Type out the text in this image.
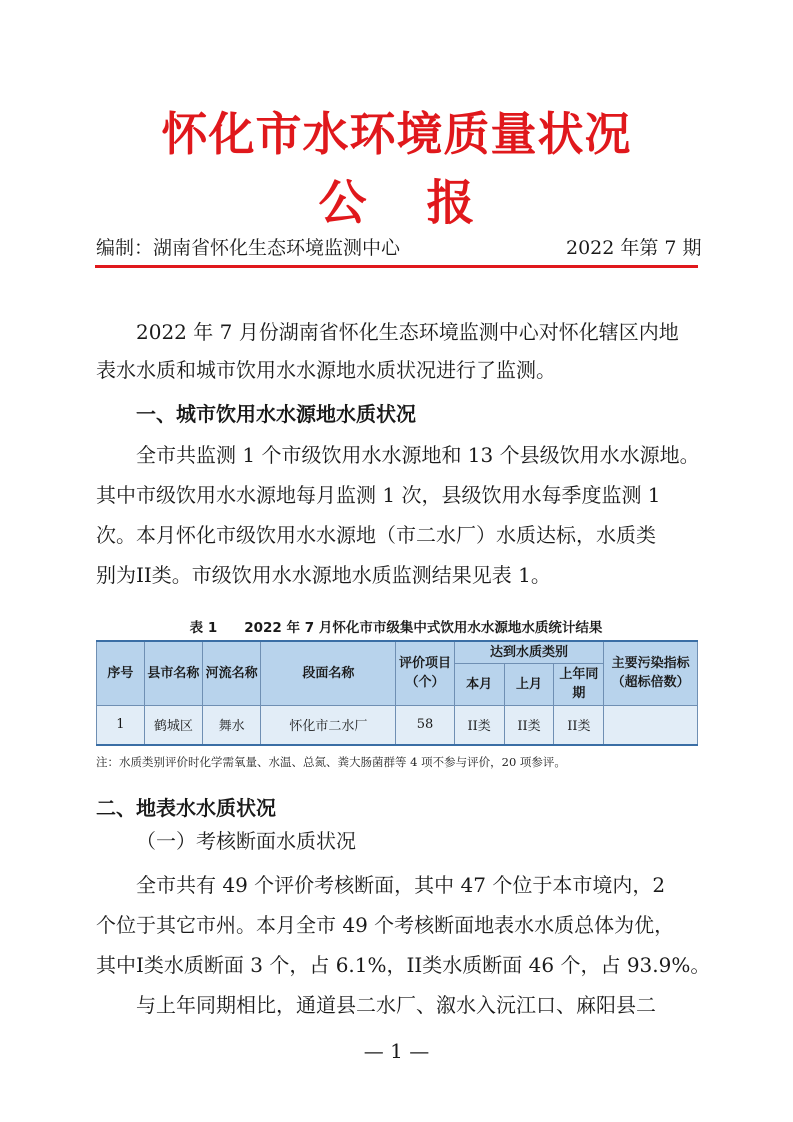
怀化市水环境质量状况
公报
编制：湖南省怀化生态环境监测中心	2022 年第 7 期
2022 年 7 月份湖南省怀化生态环境监测中心对怀化辖区内地
表水水质和城市饮用水水源地水质状况进行了监测。
一、城市饮用水水源地水质状况
全市共监测 1 个市级饮用水水源地和 13 个县级饮用水水源地。
其中市级饮用水水源地每月监测 1 次，县级饮用水每季度监测 1
次。本月怀化市级饮用水水源地（市二水厂）水质达标，水质类
别为II类。市级饮用水水源地水质监测结果见表 1。
表 1　　2022 年 7 月怀化市市级集中式饮用水水源地水质统计结果
序号	县市名称	河流名称	段面名称	评价项目（个）	达到水质类别			主要污染指标（超标倍数）
					本月	上月	上年同期	
1	鹤城区	舞水	怀化市二水厂	58	II类	II类	II类	
注：水质类别评价时化学需氧量、水温、总氮、粪大肠菌群等 4 项不参与评价，20 项参评。
二、地表水水质状况
（一）考核断面水质状况
全市共有 49 个评价考核断面，其中 47 个位于本市境内，2
个位于其它市州。本月全市 49 个考核断面地表水水质总体为优，
其中I类水质断面 3 个，占 6.1%，II类水质断面 46 个，占 93.9%。
与上年同期相比，通道县二水厂、溆水入沅江口、麻阳县二
— 1 —
